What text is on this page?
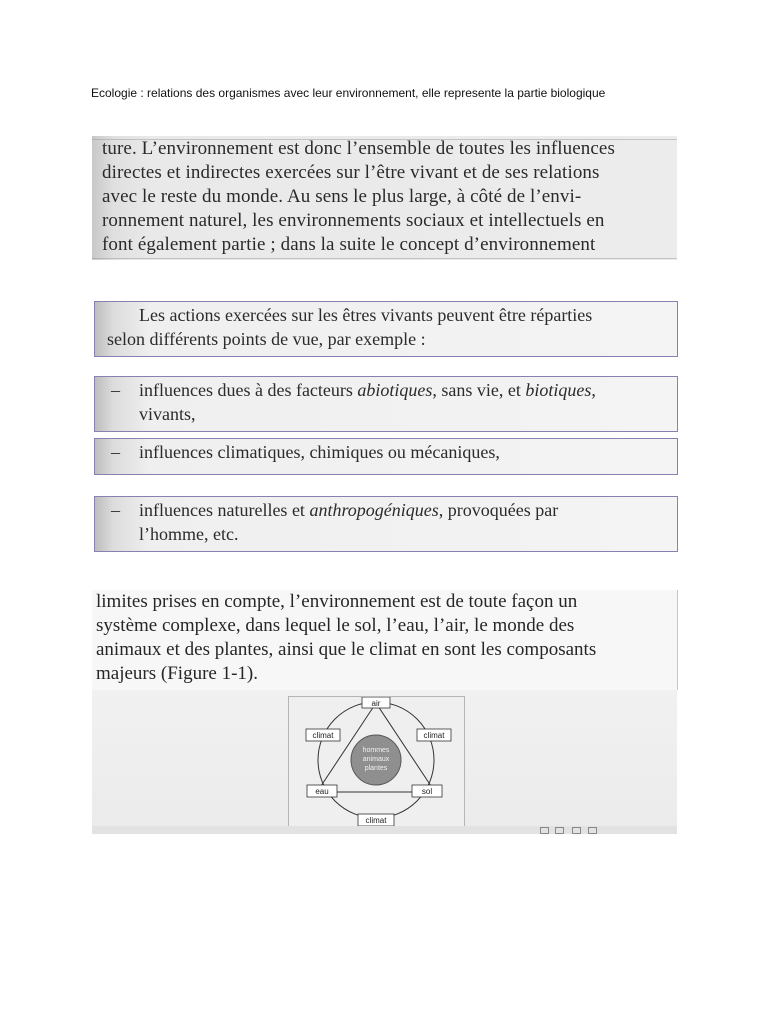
Ecologie : relations des organismes avec leur environnement, elle represente la partie biologique
ture. L’environnement est donc l’ensemble de toutes les influences
directes et indirectes exercées sur l’être vivant et de ses relations
avec le reste du monde. Au sens le plus large, à côté de l’envi-
ronnement naturel, les environnements sociaux et intellectuels en
font également partie ; dans la suite le concept d’environnement
Les actions exercées sur les êtres vivants peuvent être réparties
selon différents points de vue, par exemple :
– influences dues à des facteurs abiotiques, sans vie, et biotiques,
vivants,
– influences climatiques, chimiques ou mécaniques,
– influences naturelles et anthropogéniques, provoquées par
l’homme, etc.
limites prises en compte, l’environnement est de toute façon un
système complexe, dans lequel le sol, l’eau, l’air, le monde des
animaux et des plantes, ainsi que le climat en sont les composants
majeurs (Figure 1-1).
hommes
animaux
plantes
air
climat	climat
eau	sol
climat
